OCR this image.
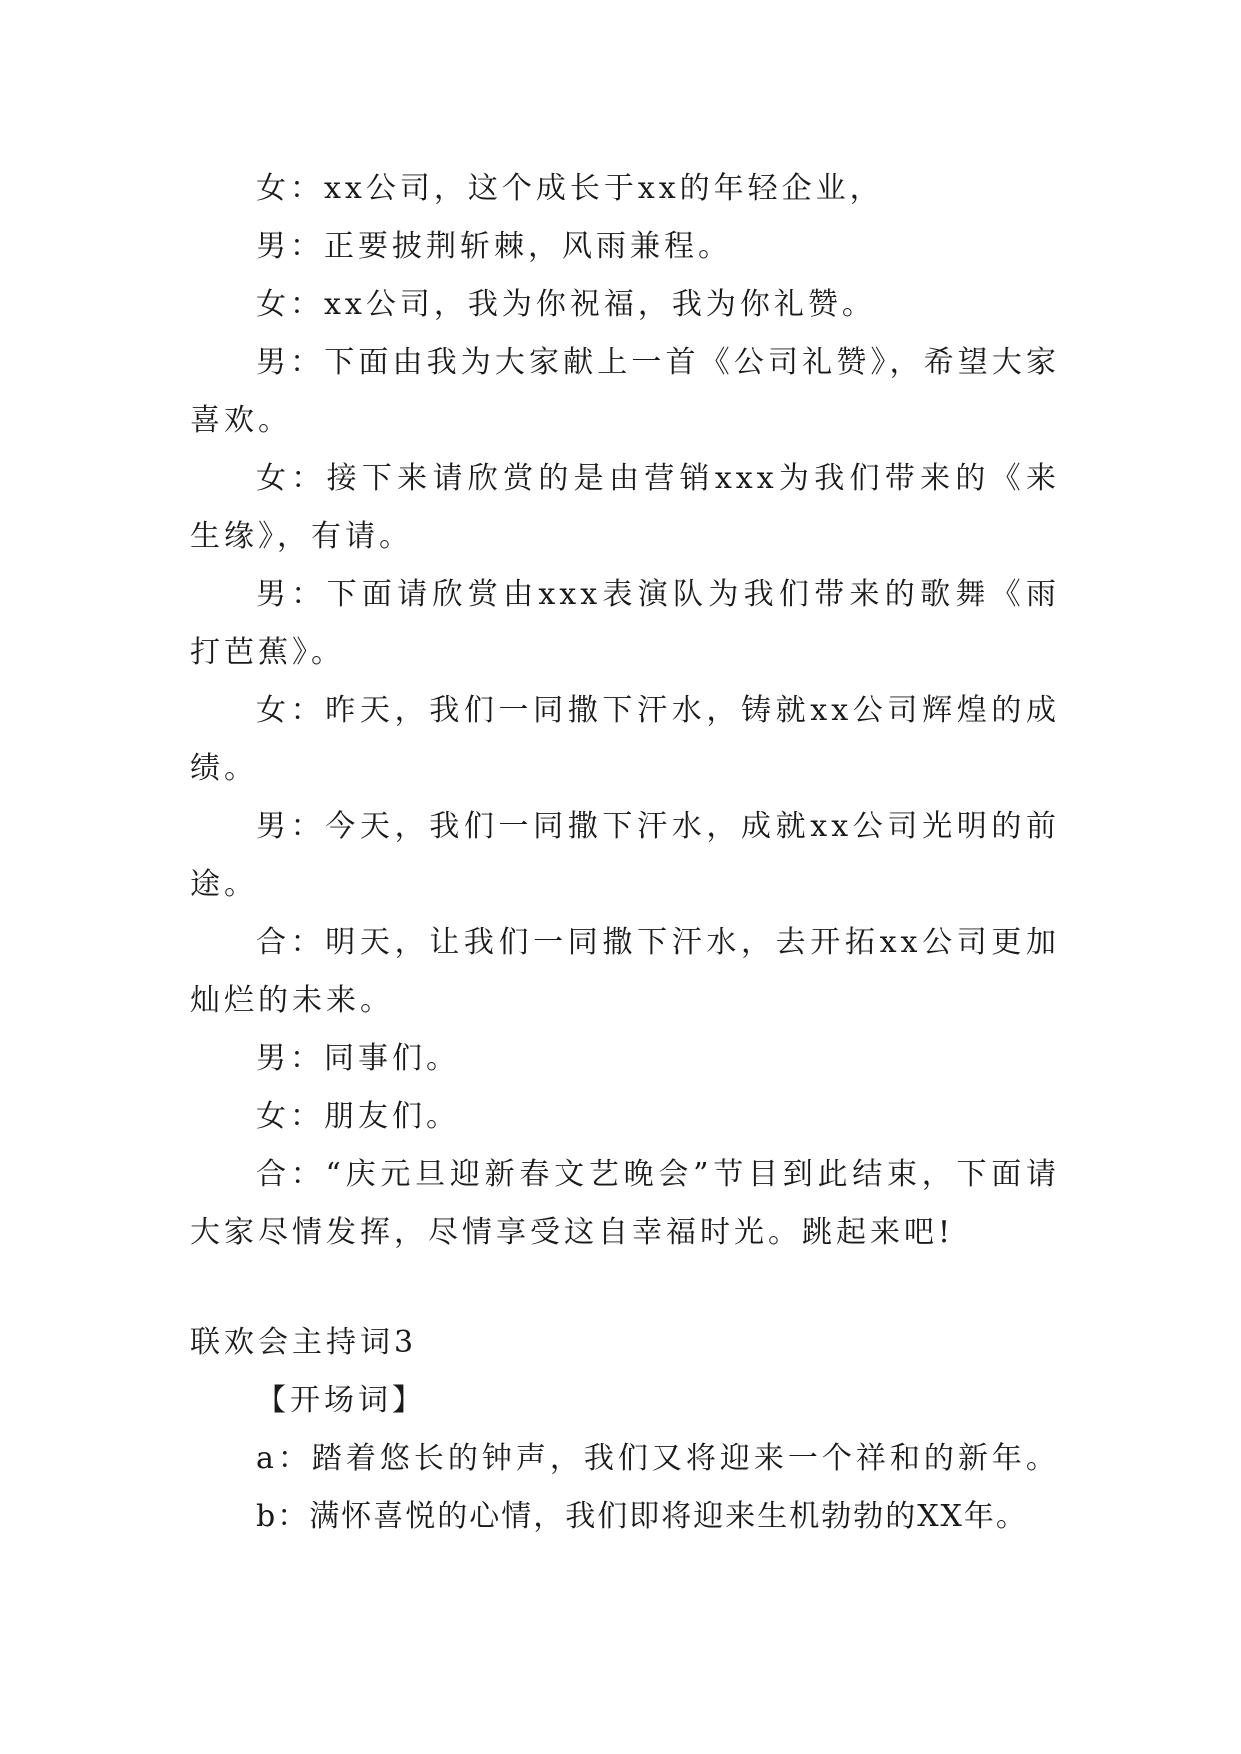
女：xx公司，这个成长于xx的年轻企业，

男：正要披荆斩棘，风雨兼程。

女：xx公司，我为你祝福，我为你礼赞。

男：下面由我为大家献上一首《公司礼赞》，希望大家喜欢。

女：接下来请欣赏的是由营销xxx为我们带来的《来生缘》，有请。

男：下面请欣赏由xxx表演队为我们带来的歌舞《雨打芭蕉》。

女：昨天，我们一同撒下汗水，铸就xx公司辉煌的成绩。

男：今天，我们一同撒下汗水，成就xx公司光明的前途。

合：明天，让我们一同撒下汗水，去开拓xx公司更加灿烂的未来。

男：同事们。

女：朋友们。

合：“庆元旦迎新春文艺晚会”节目到此结束，下面请大家尽情发挥，尽情享受这自幸福时光。跳起来吧!

联欢会主持词3

【开场词】

a：踏着悠长的钟声，我们又将迎来一个祥和的新年。

b：满怀喜悦的心情，我们即将迎来生机勃勃的XX年。
